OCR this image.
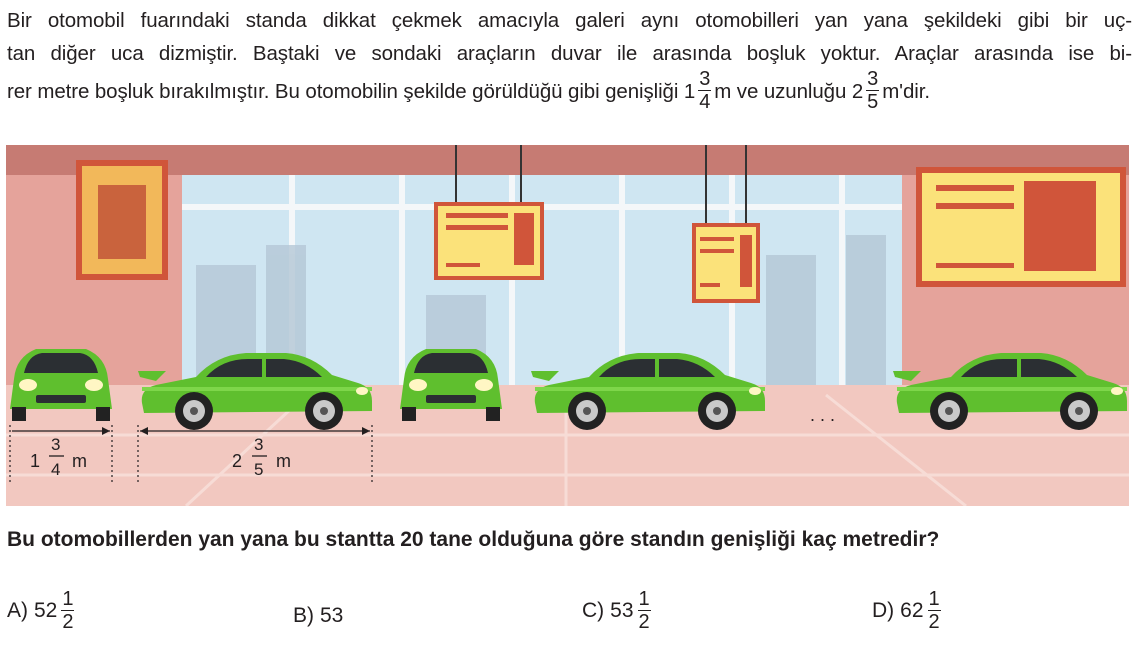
Bir otomobil fuarındaki standa dikkat çekmek amacıyla galeri aynı otomobilleri yan yana şekildeki gibi bir uç-
tan diğer uca dizmiştir. Baştaki ve sondaki araçların duvar ile arasında boşluk yoktur. Araçlar arasında ise bi-
rer metre boşluk bırakılmıştır. Bu otomobilin şekilde görüldüğü gibi genişliği $1 \frac{3}{4}$ m ve uzunluğu $2 \frac{3}{5} m'dir$.
. . .
1
3
4 m	2
3
5 m
Bu otomobillerden yan yana bu stantta 20 tane olduğuna göre standın genişliği kaç metredir?
A) $52 \frac{1}{2}$	B) 53	C) $53 \frac{1}{2}$	D) $62 \frac{1}{2}$
